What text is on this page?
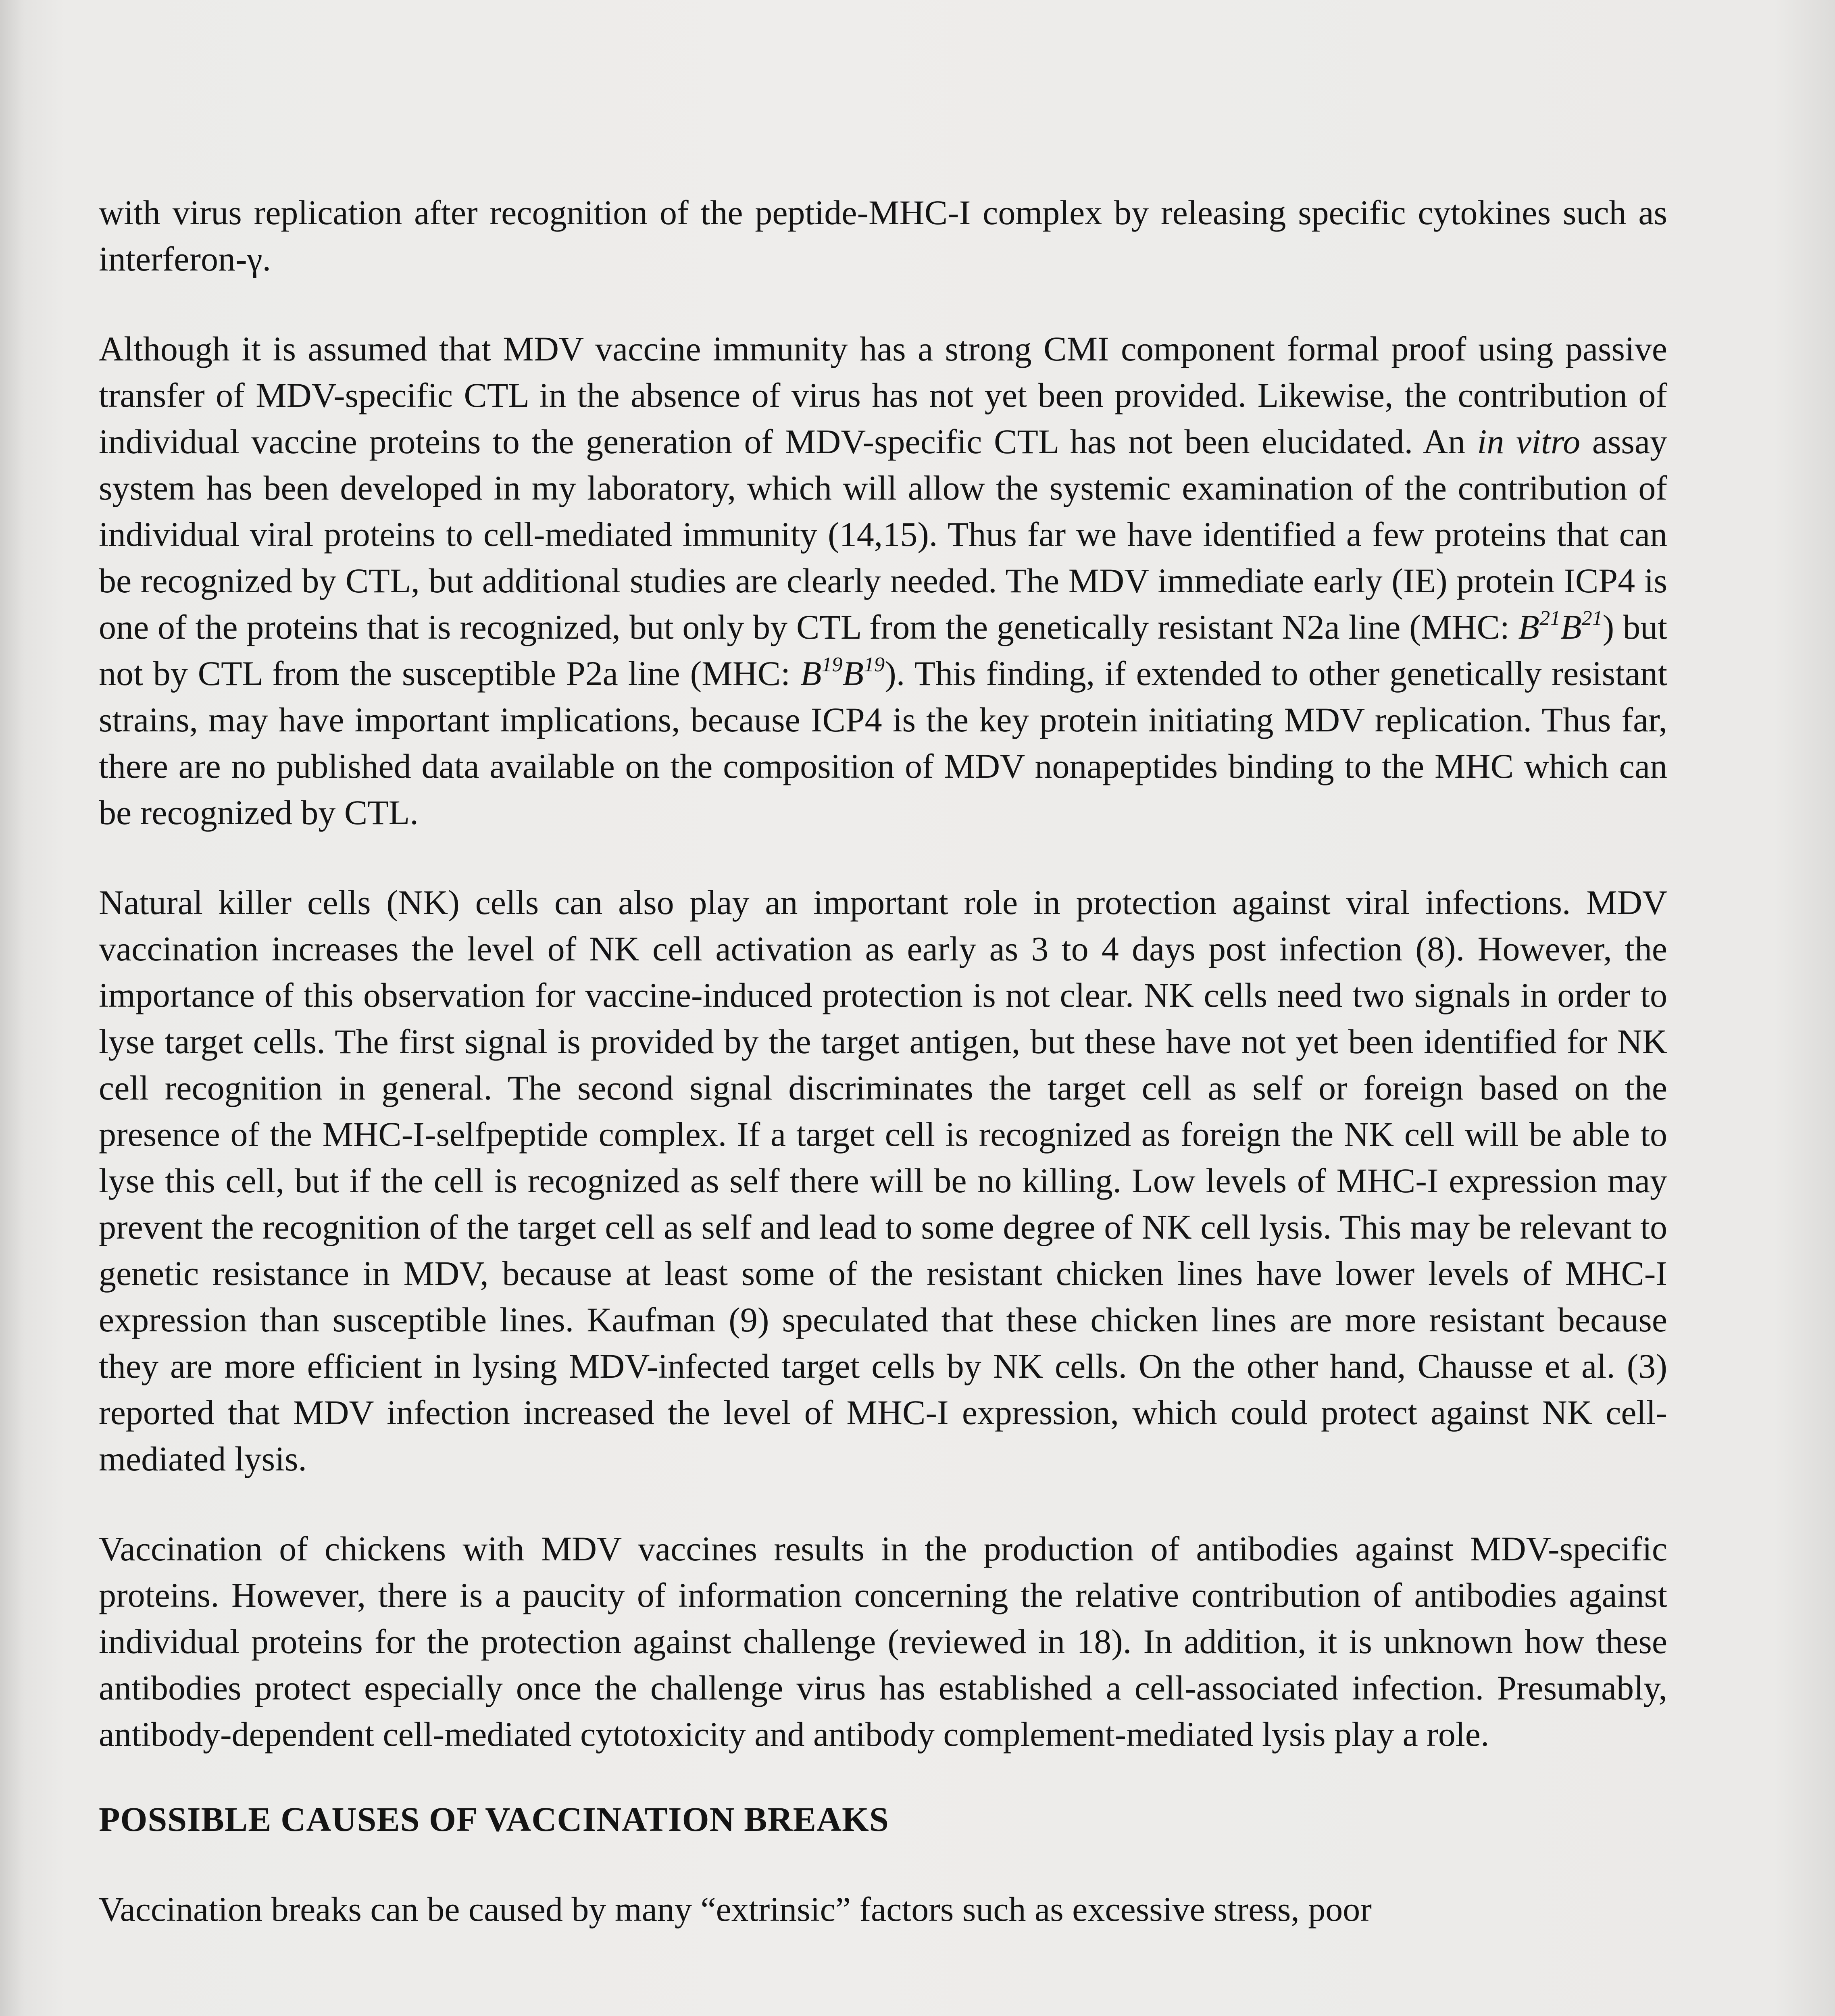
with virus replication after recognition of the peptide-MHC-I complex by releasing specific cytokines such as interferon-γ.

Although it is assumed that MDV vaccine immunity has a strong CMI component formal proof using passive transfer of MDV-specific CTL in the absence of virus has not yet been provided. Likewise, the contribution of individual vaccine proteins to the generation of MDV-specific CTL has not been elucidated. An in vitro assay system has been developed in my laboratory, which will allow the systemic examination of the contribution of individual viral proteins to cell-mediated immunity (14,15). Thus far we have identified a few proteins that can be recognized by CTL, but additional studies are clearly needed. The MDV immediate early (IE) protein ICP4 is one of the proteins that is recognized, but only by CTL from the genetically resistant N2a line (MHC: $B^{21}B^{21}$) but not by CTL from the susceptible P2a line (MHC: $B^{19}B^{19}$). This finding, if extended to other genetically resistant strains, may have important implications, because ICP4 is the key protein initiating MDV replication. Thus far, there are no published data available on the composition of MDV nonapeptides binding to the MHC which can be recognized by CTL.

Natural killer cells (NK) cells can also play an important role in protection against viral infections. MDV vaccination increases the level of NK cell activation as early as 3 to 4 days post infection (8). However, the importance of this observation for vaccine-induced protection is not clear. NK cells need two signals in order to lyse target cells. The first signal is provided by the target antigen, but these have not yet been identified for NK cell recognition in general. The second signal discriminates the target cell as self or foreign based on the presence of the MHC-I-selfpeptide complex. If a target cell is recognized as foreign the NK cell will be able to lyse this cell, but if the cell is recognized as self there will be no killing. Low levels of MHC-I expression may prevent the recognition of the target cell as self and lead to some degree of NK cell lysis. This may be relevant to genetic resistance in MDV, because at least some of the resistant chicken lines have lower levels of MHC-I expression than susceptible lines. Kaufman (9) speculated that these chicken lines are more resistant because they are more efficient in lysing MDV-infected target cells by NK cells. On the other hand, Chausse et al. (3) reported that MDV infection increased the level of MHC-I expression, which could protect against NK cell-mediated lysis.

Vaccination of chickens with MDV vaccines results in the production of antibodies against MDV-specific proteins. However, there is a paucity of information concerning the relative contribution of antibodies against individual proteins for the protection against challenge (reviewed in 18). In addition, it is unknown how these antibodies protect especially once the challenge virus has established a cell-associated infection. Presumably, antibody-dependent cell-mediated cytotoxicity and antibody complement-mediated lysis play a role.

POSSIBLE CAUSES OF VACCINATION BREAKS

Vaccination breaks can be caused by many “extrinsic” factors such as excessive stress, poor
